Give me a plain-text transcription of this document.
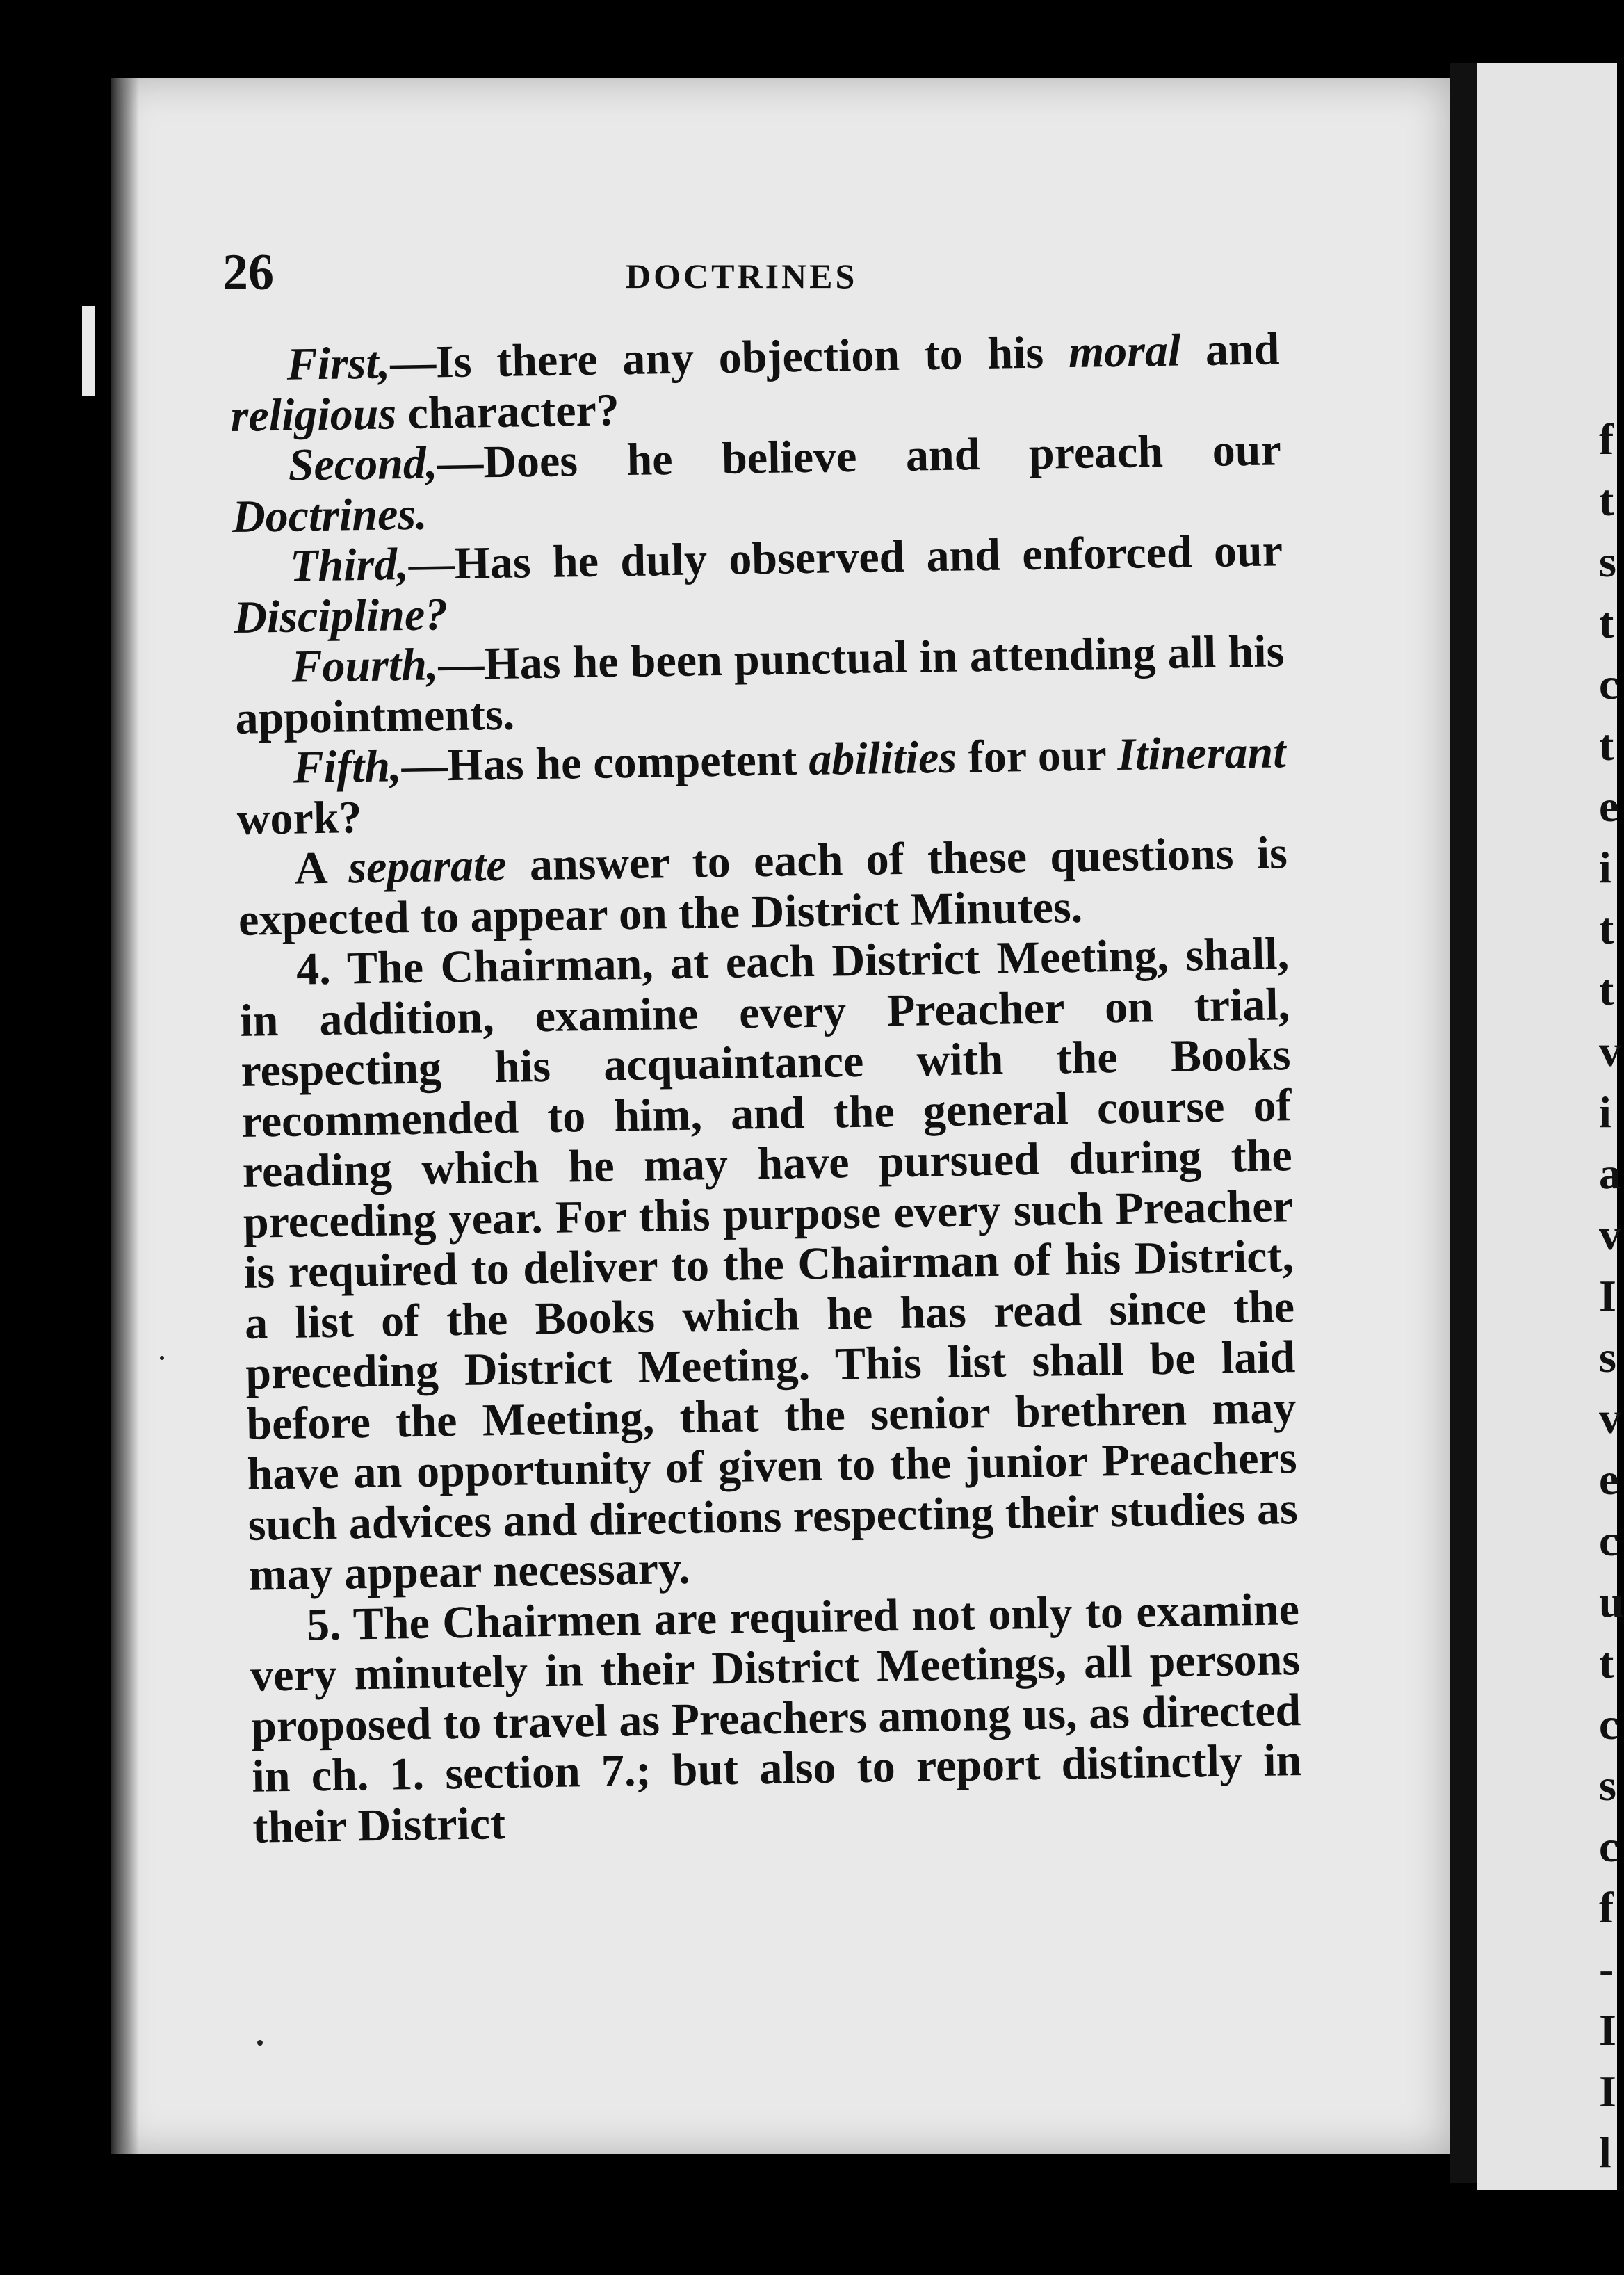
f
t
s
t
c
t
e
i
t
t
v
i
a
v
I
s
v
e
c
u
t
c
s
c
f
-
I
I
l
26	DOCTRINES

First,—Is there any objection to his moral and religious character?

Second,—Does he believe and preach our Doctrines.

Third,—Has he duly observed and enforced our Discipline?

Fourth,—Has he been punctual in attending all his appointments.

Fifth,—Has he competent abilities for our Itinerant work?

A separate answer to each of these questions is expected to appear on the District Minutes.

4. The Chairman, at each District Meeting, shall, in addition, examine every Preacher on trial, respecting his acquaintance with the Books recommended to him, and the general course of reading which he may have pursued during the preceding year. For this purpose every such Preacher is required to deliver to the Chairman of his District, a list of the Books which he has read since the preceding District Meeting. This list shall be laid before the Meeting, that the senior brethren may have an opportunity of given to the junior Preachers such advices and directions respecting their studies as may appear necessary.

5. The Chairmen are required not only to examine very minutely in their District Meetings, all persons proposed to travel as Preachers among us, as directed in ch. 1. section 7.; but also to report distinctly in their District
